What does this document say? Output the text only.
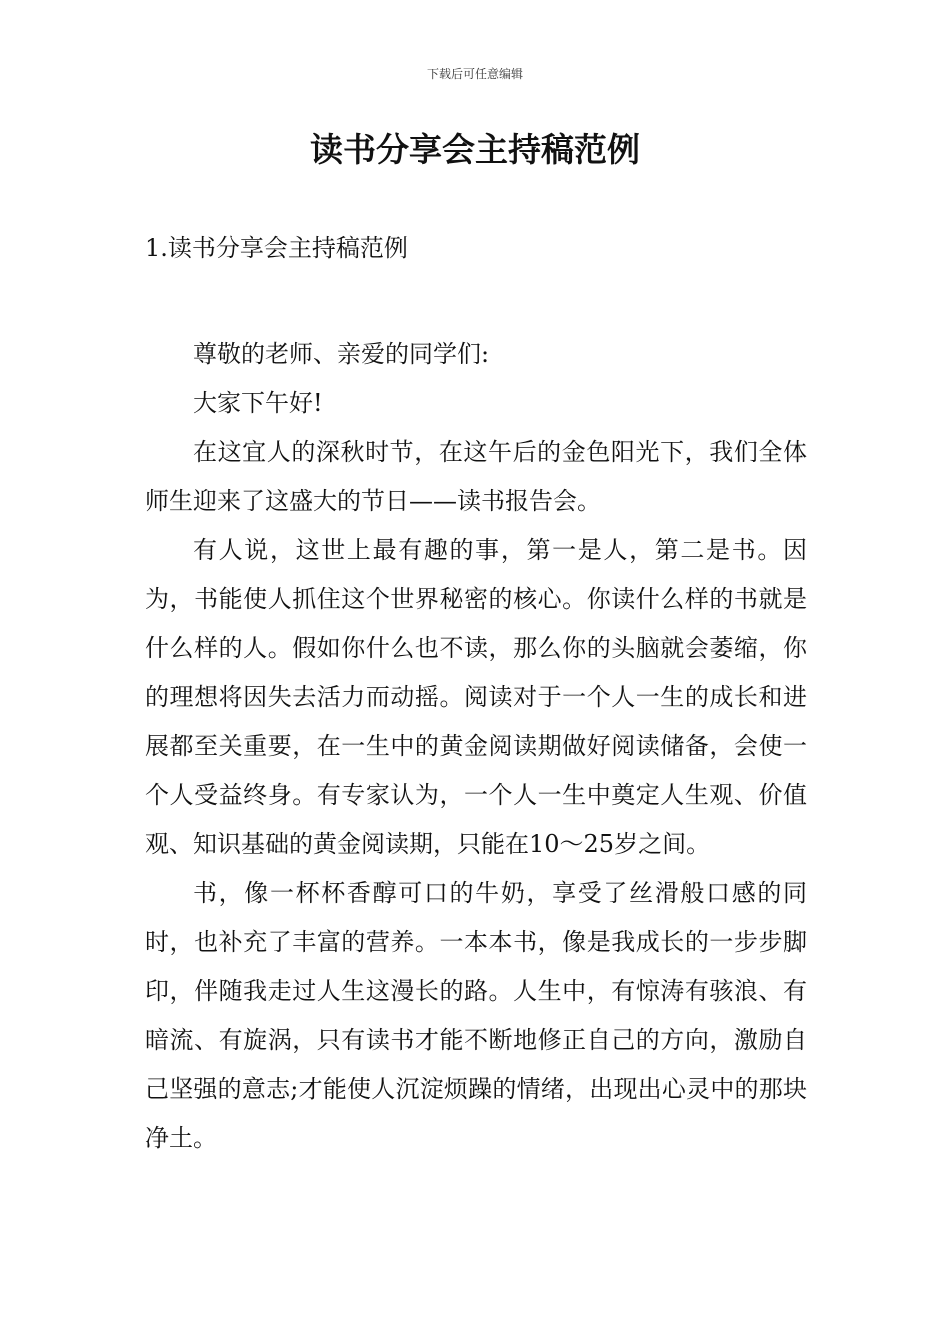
下载后可任意编辑
读书分享会主持稿范例
1.读书分享会主持稿范例

尊敬的老师、亲爱的同学们:

大家下午好!

在这宜人的深秋时节，在这午后的金色阳光下，我们全体师生迎来了这盛大的节日——读书报告会。

有人说，这世上最有趣的事，第一是人，第二是书。因为，书能使人抓住这个世界秘密的核心。你读什么样的书就是什么样的人。假如你什么也不读，那么你的头脑就会萎缩，你的理想将因失去活力而动摇。阅读对于一个人一生的成长和进展都至关重要，在一生中的黄金阅读期做好阅读储备，会使一个人受益终身。有专家认为，一个人一生中奠定人生观、价值观、知识基础的黄金阅读期，只能在10～25岁之间。

书，像一杯杯香醇可口的牛奶，享受了丝滑般口感的同时，也补充了丰富的营养。一本本书，像是我成长的一步步脚印，伴随我走过人生这漫长的路。人生中，有惊涛有骇浪、有暗流、有旋涡，只有读书才能不断地修正自己的方向，激励自己坚强的意志;才能使人沉淀烦躁的情绪，出现出心灵中的那块净土。
